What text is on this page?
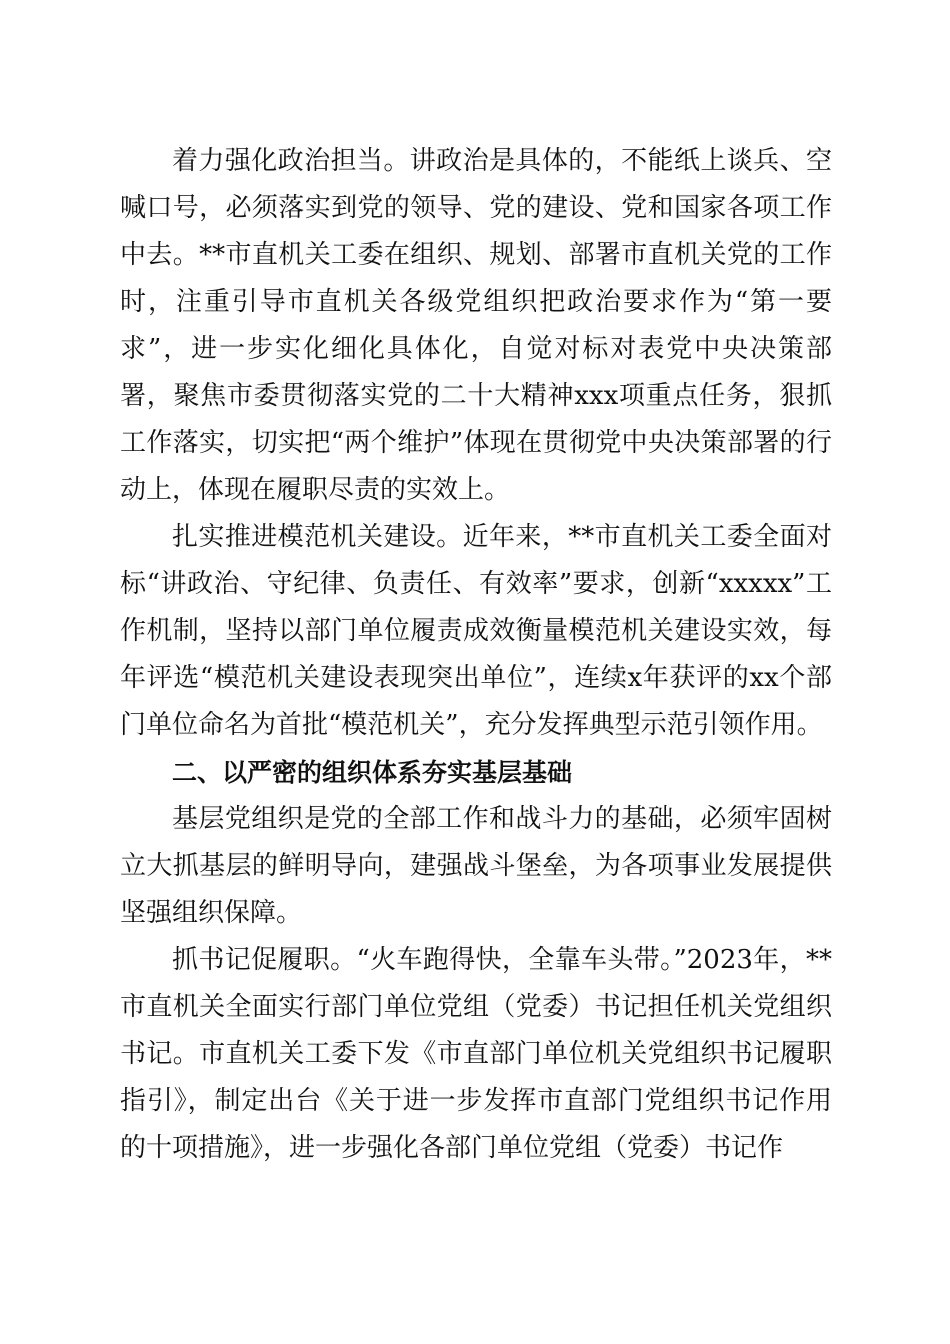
着力强化政治担当。讲政治是具体的，不能纸上谈兵、空喊口号，必须落实到党的领导、党的建设、党和国家各项工作中去。**市直机关工委在组织、规划、部署市直机关党的工作时，注重引导市直机关各级党组织把政治要求作为“第一要求”，进一步实化细化具体化，自觉对标对表党中央决策部署，聚焦市委贯彻落实党的二十大精神xxx项重点任务，狠抓工作落实，切实把“两个维护”体现在贯彻党中央决策部署的行动上，体现在履职尽责的实效上。

扎实推进模范机关建设。近年来，**市直机关工委全面对标“讲政治、守纪律、负责任、有效率”要求，创新“xxxxx”工作机制，坚持以部门单位履责成效衡量模范机关建设实效，每年评选“模范机关建设表现突出单位”，连续x年获评的xx个部门单位命名为首批“模范机关”，充分发挥典型示范引领作用。

二、以严密的组织体系夯实基层基础

基层党组织是党的全部工作和战斗力的基础，必须牢固树立大抓基层的鲜明导向，建强战斗堡垒，为各项事业发展提供坚强组织保障。

抓书记促履职。“火车跑得快，全靠车头带。”2023年，**市直机关全面实行部门单位党组（党委）书记担任机关党组织书记。市直机关工委下发《市直部门单位机关党组织书记履职指引》，制定出台《关于进一步发挥市直部门党组织书记作用的十项措施》，进一步强化各部门单位党组（党委）书记作
